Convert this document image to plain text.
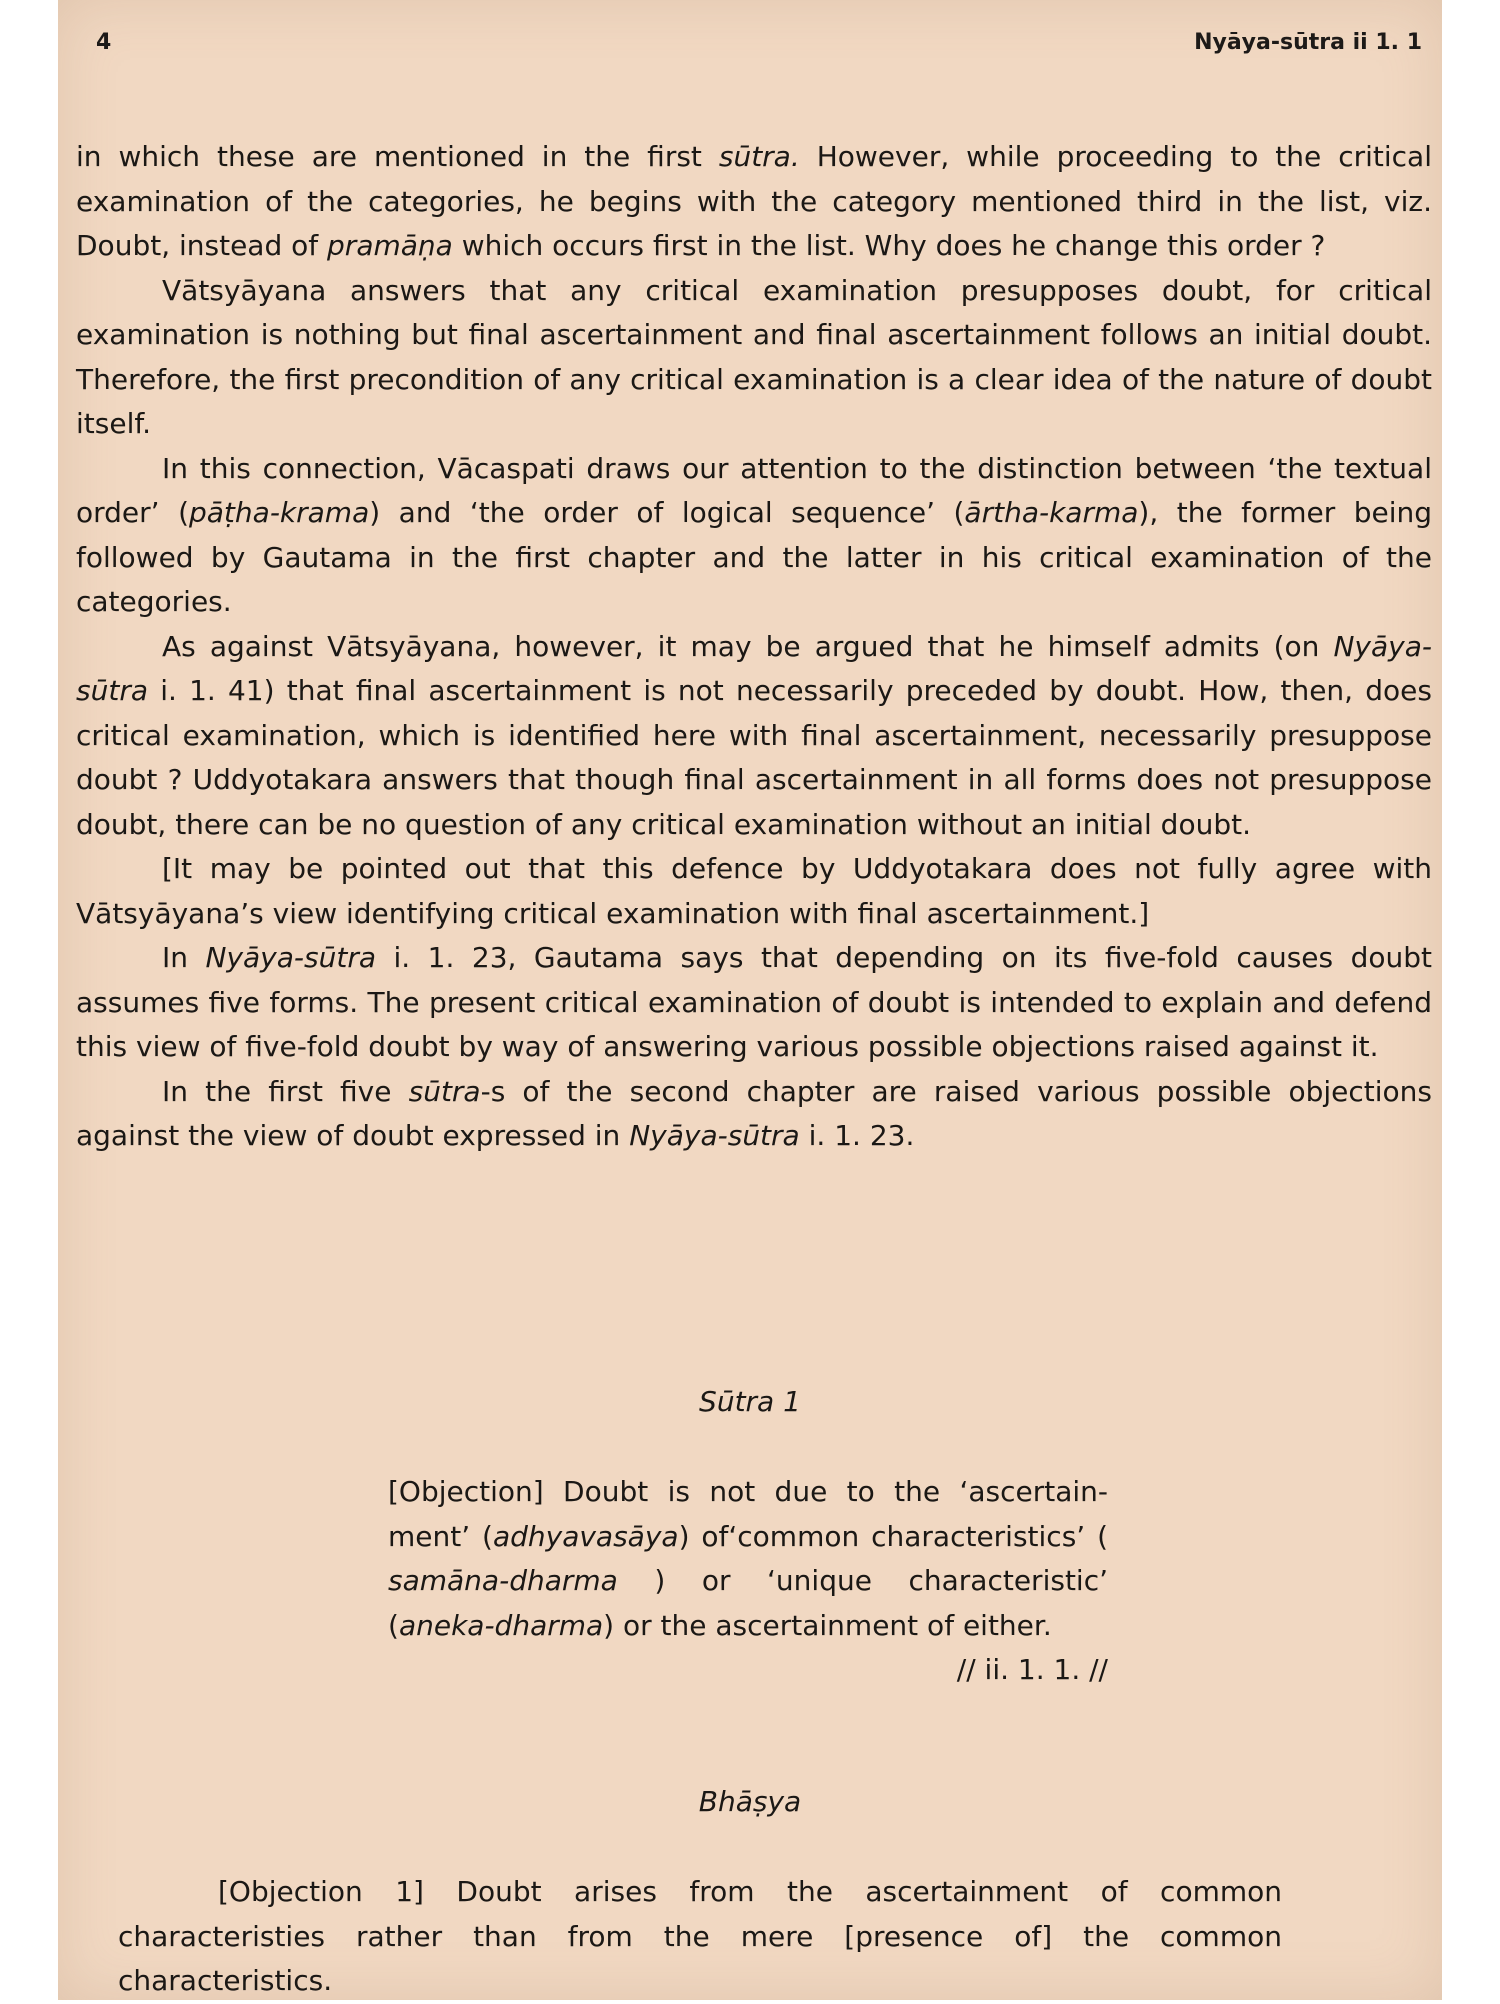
4	Nyāya-sūtra ii 1. 1

in which these are mentioned in the first sūtra. However, while proceeding to the critical examination of the categories, he begins with the category mentioned third in the list, viz. Doubt, instead of pramāṇa which occurs first in the list. Why does he change this order ?

Vātsyāyana answers that any critical examination presupposes doubt, for critical examination is nothing but final ascertainment and final ascertainment follows an initial doubt. Therefore, the first precondition of any critical examination is a clear idea of the nature of doubt itself.

In this connection, Vācaspati draws our attention to the distinction between ‘the textual order’ (pāṭha-krama) and ‘the order of logical sequence’ (ārtha-karma), the former being followed by Gautama in the first chapter and the latter in his critical examination of the categories.

As against Vātsyāyana, however, it may be argued that he himself admits (on Nyāya-sūtra i. 1. 41) that final ascertainment is not necessarily preceded by doubt. How, then, does critical examination, which is identified here with final ascertainment, necessarily presuppose doubt ? Uddyotakara answers that though final ascertainment in all forms does not presuppose doubt, there can be no question of any critical examination without an initial doubt.

[It may be pointed out that this defence by Uddyotakara does not fully agree with Vātsyāyana’s view identifying critical examination with final ascertainment.]

In Nyāya-sūtra i. 1. 23, Gautama says that depending on its five-fold causes doubt assumes five forms. The present critical examination of doubt is intended to explain and defend this view of five-fold doubt by way of answering various possible objections raised against it.

In the first five sūtra-s of the second chapter are raised various possible objections against the view of doubt expressed in Nyāya-sūtra i. 1. 23.

Sūtra 1

[Objection] Doubt is not due to the ‘ascertain-ment’ (adhyavasāya) of‘common characteristics’ ( samāna-dharma ) or ‘unique characteristic’ (aneka-dharma) or the ascertainment of either.

// ii. 1. 1. //
Bhāṣya

[Objection 1] Doubt arises from the ascertainment of common characteristies rather than from the mere [presence of] the common characteristics.
